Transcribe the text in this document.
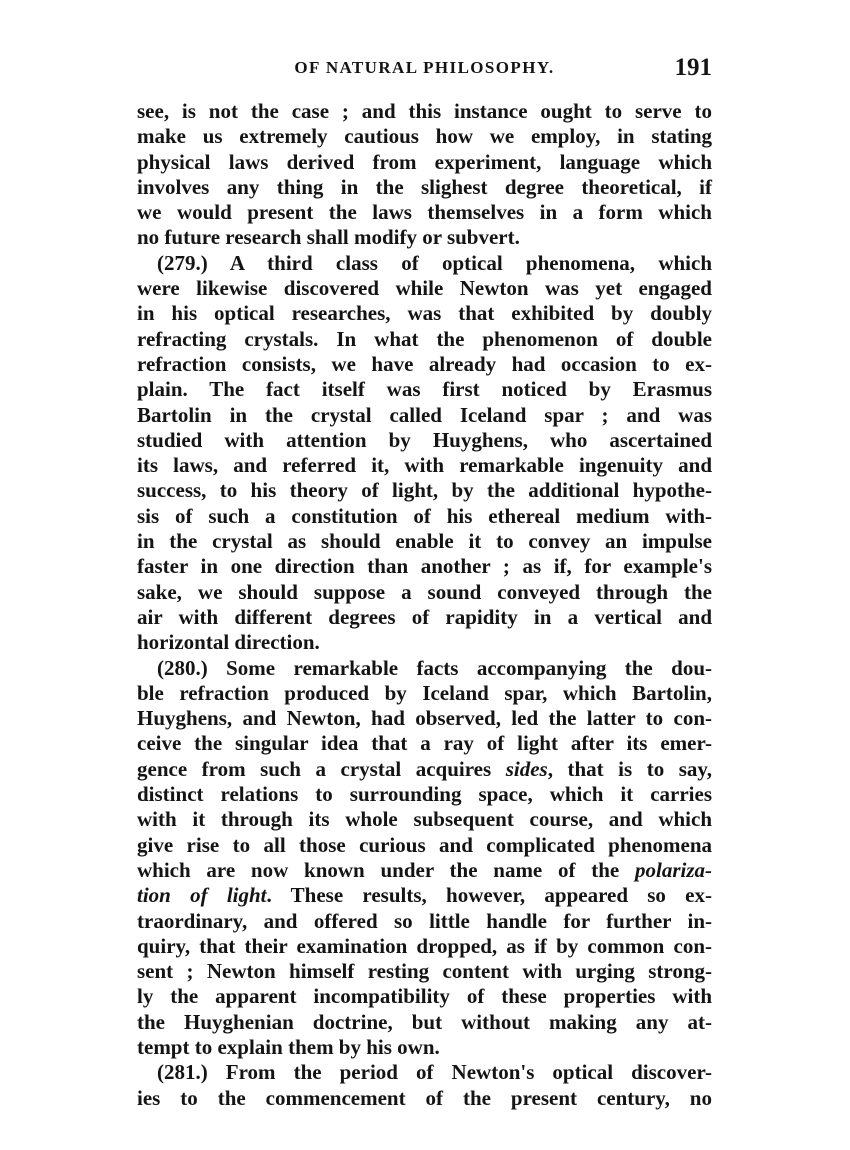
OF NATURAL PHILOSOPHY.	191
see, is not the case ; and this instance ought to serve to
make us extremely cautious how we employ, in stating
physical laws derived from experiment, language which
involves any thing in the slighest degree theoretical, if
we would present the laws themselves in a form which
no future research shall modify or subvert.
(279.) A third class of optical phenomena, which
were likewise discovered while Newton was yet engaged
in his optical researches, was that exhibited by doubly
refracting crystals. In what the phenomenon of double
refraction consists, we have already had occasion to ex-
plain. The fact itself was first noticed by Erasmus
Bartolin in the crystal called Iceland spar ; and was
studied with attention by Huyghens, who ascertained
its laws, and referred it, with remarkable ingenuity and
success, to his theory of light, by the additional hypothe-
sis of such a constitution of his ethereal medium with-
in the crystal as should enable it to convey an impulse
faster in one direction than another ; as if, for example's
sake, we should suppose a sound conveyed through the
air with different degrees of rapidity in a vertical and
horizontal direction.
(280.) Some remarkable facts accompanying the dou-
ble refraction produced by Iceland spar, which Bartolin,
Huyghens, and Newton, had observed, led the latter to con-
ceive the singular idea that a ray of light after its emer-
gence from such a crystal acquires sides, that is to say,
distinct relations to surrounding space, which it carries
with it through its whole subsequent course, and which
give rise to all those curious and complicated phenomena
which are now known under the name of the polariza-
tion of light. These results, however, appeared so ex-
traordinary, and offered so little handle for further in-
quiry, that their examination dropped, as if by common con-
sent ; Newton himself resting content with urging strong-
ly the apparent incompatibility of these properties with
the Huyghenian doctrine, but without making any at-
tempt to explain them by his own.
(281.) From the period of Newton's optical discover-
ies to the commencement of the present century, no
